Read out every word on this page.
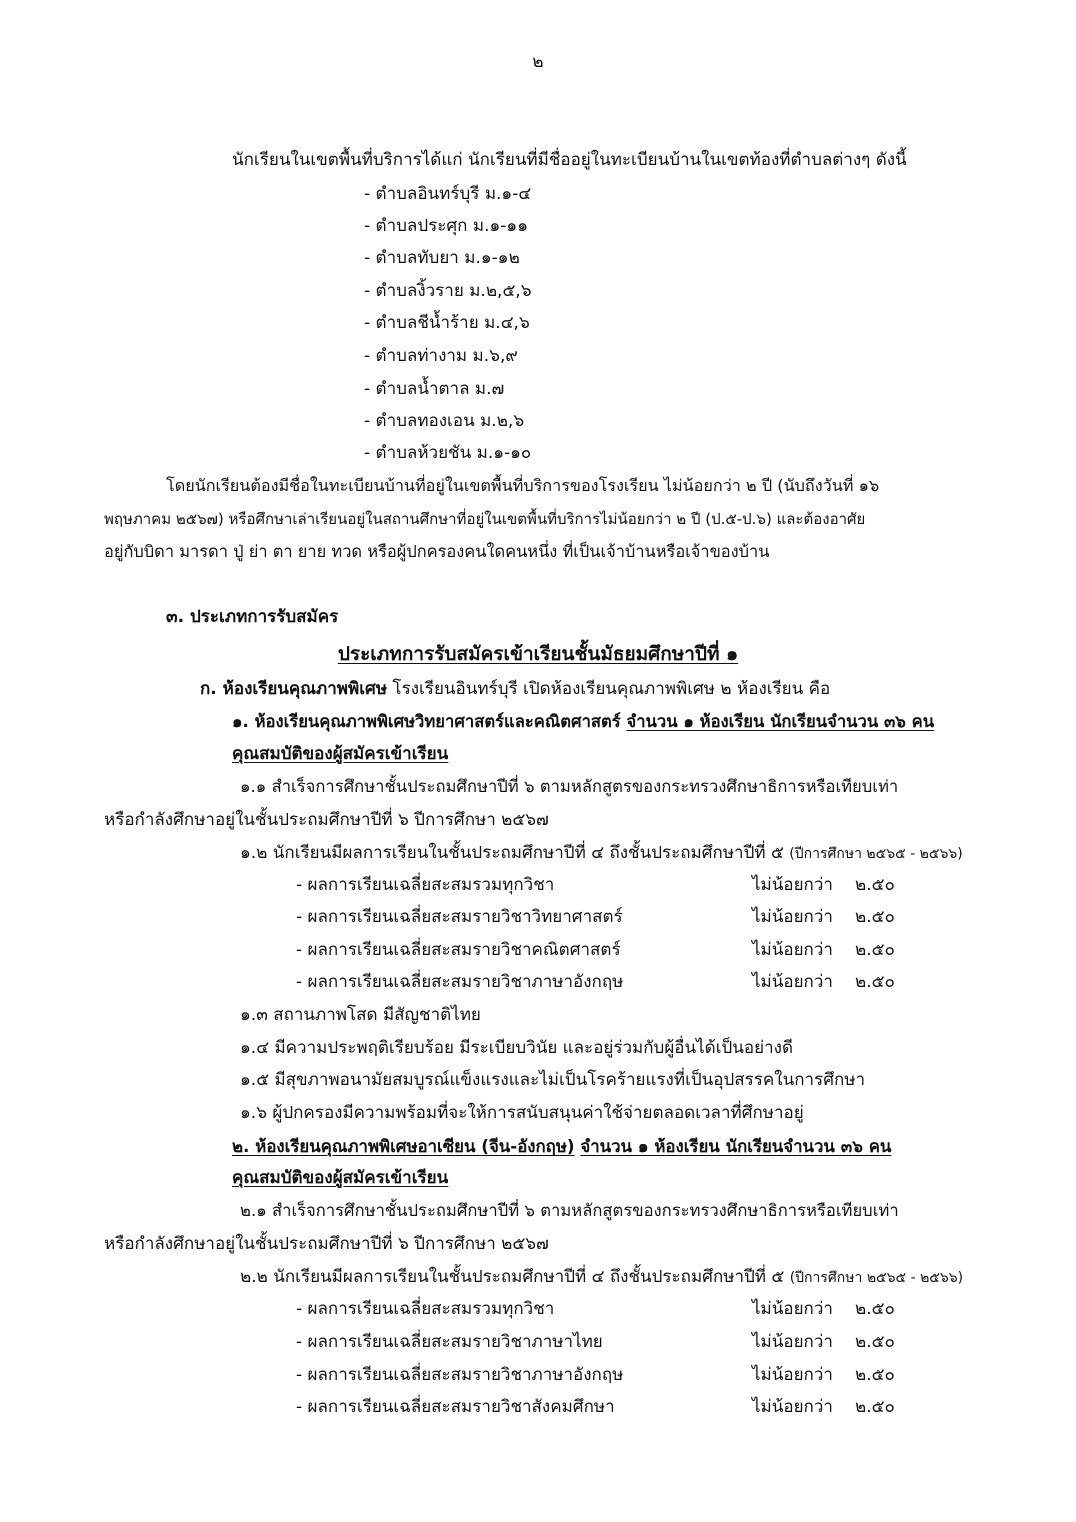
๒
นักเรียนในเขตพื้นที่บริการได้แก่ นักเรียนที่มีชื่ออยู่ในทะเบียนบ้านในเขตท้องที่ตำบลต่างๆ ดังนี้
- ตำบลอินทร์บุรี ม.๑-๔
- ตำบลประศุก ม.๑-๑๑
- ตำบลทับยา ม.๑-๑๒
- ตำบลงิ้วราย ม.๒,๕,๖
- ตำบลชีน้ำร้าย ม.๔,๖
- ตำบลท่างาม ม.๖,๙
- ตำบลน้ำตาล ม.๗
- ตำบลทองเอน ม.๒,๖
- ตำบลห้วยชัน ม.๑-๑๐
โดยนักเรียนต้องมีชื่อในทะเบียนบ้านที่อยู่ในเขตพื้นที่บริการของโรงเรียน ไม่น้อยกว่า ๒ ปี (นับถึงวันที่ ๑๖
พฤษภาคม ๒๕๖๗) หรือศึกษาเล่าเรียนอยู่ในสถานศึกษาที่อยู่ในเขตพื้นที่บริการไม่น้อยกว่า ๒ ปี (ป.๕-ป.๖) และต้องอาศัย
อยู่กับบิดา มารดา ปู่ ย่า ตา ยาย ทวด หรือผู้ปกครองคนใดคนหนึ่ง ที่เป็นเจ้าบ้านหรือเจ้าของบ้าน
๓. ประเภทการรับสมัคร
ประเภทการรับสมัครเข้าเรียนชั้นมัธยมศึกษาปีที่ ๑
ก. ห้องเรียนคุณภาพพิเศษ โรงเรียนอินทร์บุรี เปิดห้องเรียนคุณภาพพิเศษ ๒ ห้องเรียน คือ
๑. ห้องเรียนคุณภาพพิเศษวิทยาศาสตร์และคณิตศาสตร์ จำนวน ๑ ห้องเรียน นักเรียนจำนวน ๓๖ คน
คุณสมบัติของผู้สมัครเข้าเรียน
๑.๑ สำเร็จการศึกษาชั้นประถมศึกษาปีที่ ๖ ตามหลักสูตรของกระทรวงศึกษาธิการหรือเทียบเท่า
หรือกำลังศึกษาอยู่ในชั้นประถมศึกษาปีที่ ๖ ปีการศึกษา ๒๕๖๗
๑.๒ นักเรียนมีผลการเรียนในชั้นประถมศึกษาปีที่ ๔ ถึงชั้นประถมศึกษาปีที่ ๕ (ปีการศึกษา ๒๕๖๕ - ๒๕๖๖)
- ผลการเรียนเฉลี่ยสะสมรวมทุกวิชา	ไม่น้อยกว่า ๒.๕๐
- ผลการเรียนเฉลี่ยสะสมรายวิชาวิทยาศาสตร์	ไม่น้อยกว่า ๒.๕๐
- ผลการเรียนเฉลี่ยสะสมรายวิชาคณิตศาสตร์	ไม่น้อยกว่า ๒.๕๐
- ผลการเรียนเฉลี่ยสะสมรายวิชาภาษาอังกฤษ	ไม่น้อยกว่า ๒.๕๐
๑.๓ สถานภาพโสด มีสัญชาติไทย
๑.๔ มีความประพฤติเรียบร้อย มีระเบียบวินัย และอยู่ร่วมกับผู้อื่นได้เป็นอย่างดี
๑.๕ มีสุขภาพอนามัยสมบูรณ์แข็งแรงและไม่เป็นโรคร้ายแรงที่เป็นอุปสรรคในการศึกษา
๑.๖ ผู้ปกครองมีความพร้อมที่จะให้การสนับสนุนค่าใช้จ่ายตลอดเวลาที่ศึกษาอยู่
๒. ห้องเรียนคุณภาพพิเศษอาเซียน (จีน-อังกฤษ) จำนวน ๑ ห้องเรียน นักเรียนจำนวน ๓๖ คน
คุณสมบัติของผู้สมัครเข้าเรียน
๒.๑ สำเร็จการศึกษาชั้นประถมศึกษาปีที่ ๖ ตามหลักสูตรของกระทรวงศึกษาธิการหรือเทียบเท่า
หรือกำลังศึกษาอยู่ในชั้นประถมศึกษาปีที่ ๖ ปีการศึกษา ๒๕๖๗
๒.๒ นักเรียนมีผลการเรียนในชั้นประถมศึกษาปีที่ ๔ ถึงชั้นประถมศึกษาปีที่ ๕ (ปีการศึกษา ๒๕๖๕ - ๒๕๖๖)
- ผลการเรียนเฉลี่ยสะสมรวมทุกวิชา	ไม่น้อยกว่า ๒.๕๐
- ผลการเรียนเฉลี่ยสะสมรายวิชาภาษาไทย	ไม่น้อยกว่า ๒.๕๐
- ผลการเรียนเฉลี่ยสะสมรายวิชาภาษาอังกฤษ	ไม่น้อยกว่า ๒.๕๐
- ผลการเรียนเฉลี่ยสะสมรายวิชาสังคมศึกษา	ไม่น้อยกว่า ๒.๕๐
